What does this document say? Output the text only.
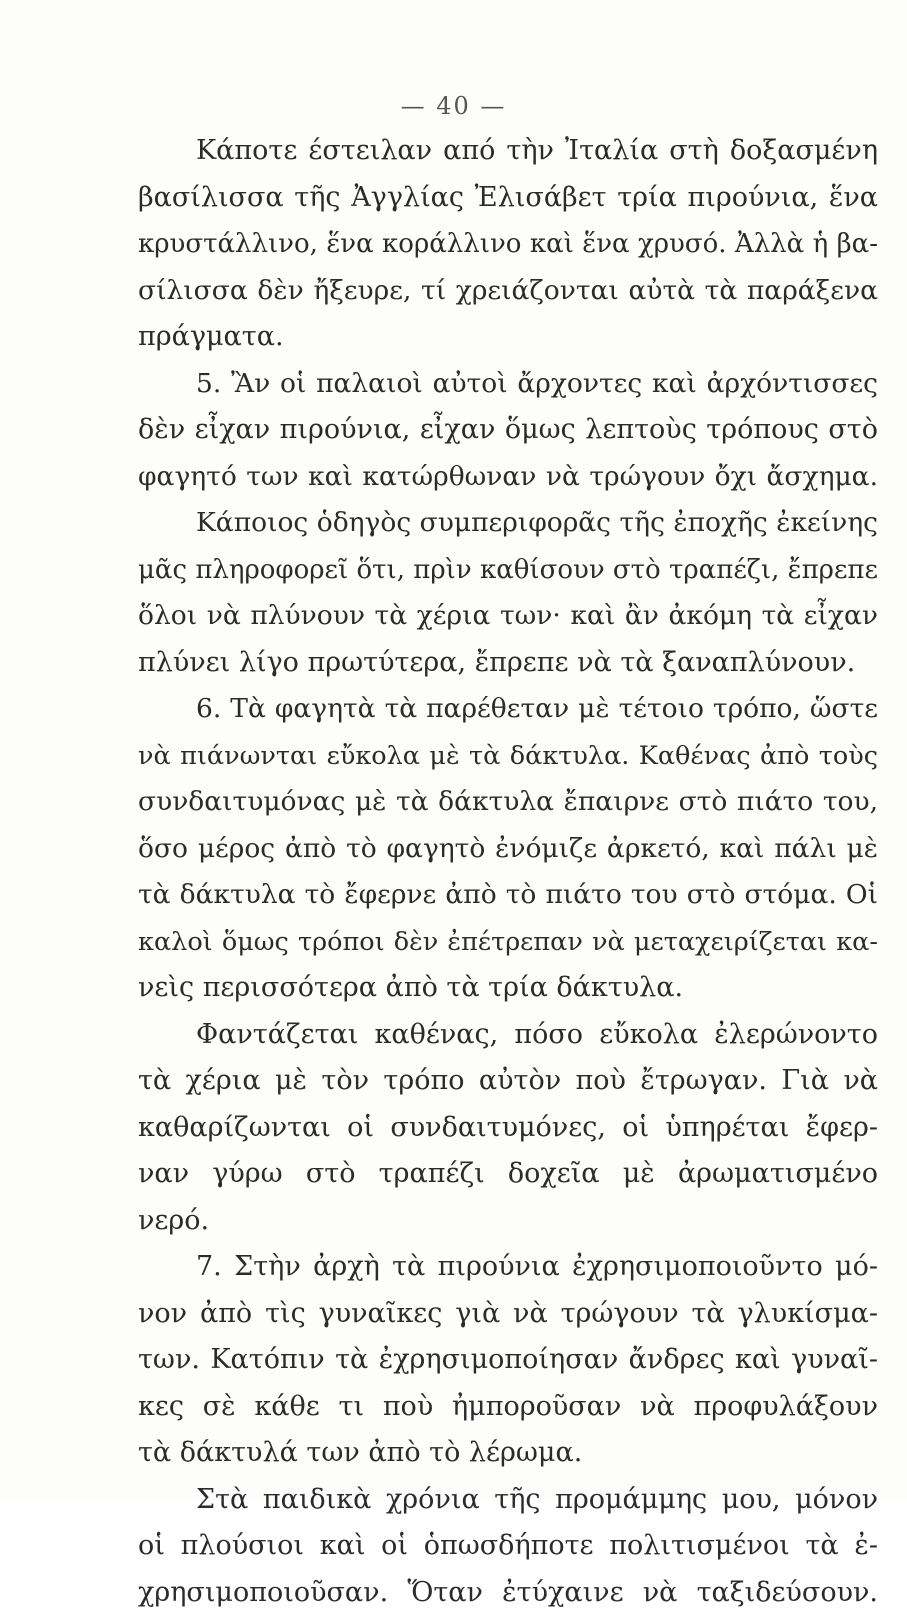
— 40 —
Κάποτε έστειλαν από τὴν Ἰταλία στὴ δοξασμένη
βασίλισσα τῆς Ἀγγλίας Ἐλισάβετ τρία πιρούνια, ἕνα
κρυστάλλινο, ἕνα κοράλλινο καὶ ἕνα χρυσό. Ἀλλὰ ἡ βα-
σίλισσα δὲν ἤξευρε, τί χρειάζονται αὐτὰ τὰ παράξενα
πράγματα.
5. Ἂν οἱ παλαιοὶ αὐτοὶ ἄρχοντες καὶ ἀρχόντισσες
δὲν εἶχαν πιρούνια, εἶχαν ὅμως λεπτοὺς τρόπους στὸ
φαγητό των καὶ κατώρθωναν νὰ τρώγουν ὄχι ἄσχημα.
Κάποιος ὁδηγὸς συμπεριφορᾶς τῆς ἐποχῆς ἐκείνης
μᾶς πληροφορεῖ ὅτι, πρὶν καθίσουν στὸ τραπέζι, ἔπρεπε
ὅλοι νὰ πλύνουν τὰ χέρια των· καὶ ἂν ἀκόμη τὰ εἶχαν
πλύνει λίγο πρωτύτερα, ἔπρεπε νὰ τὰ ξαναπλύνουν.
6. Τὰ φαγητὰ τὰ παρέθεταν μὲ τέτοιο τρόπο, ὥστε
νὰ πιάνωνται εὔκολα μὲ τὰ δάκτυλα. Καθένας ἀπὸ τοὺς
συνδαιτυμόνας μὲ τὰ δάκτυλα ἔπαιρνε στὸ πιάτο του,
ὅσο μέρος ἀπὸ τὸ φαγητὸ ἐνόμιζε ἀρκετό, καὶ πάλι μὲ
τὰ δάκτυλα τὸ ἔφερνε ἀπὸ τὸ πιάτο του στὸ στόμα. Οἱ
καλοὶ ὅμως τρόποι δὲν ἐπέτρεπαν νὰ μεταχειρίζεται κα-
νεὶς περισσότερα ἀπὸ τὰ τρία δάκτυλα.
Φαντάζεται καθένας, πόσο εὔκολα ἐλερώνοντο
τὰ χέρια μὲ τὸν τρόπο αὐτὸν ποὺ ἔτρωγαν. Γιὰ νὰ
καθαρίζωνται οἱ συνδαιτυμόνες, οἱ ὑπηρέται ἔφερ-
ναν γύρω στὸ τραπέζι δοχεῖα μὲ ἀρωματισμένο
νερό.
7. Στὴν ἀρχὴ τὰ πιρούνια ἐχρησιμοποιοῦντο μό-
νον ἀπὸ τὶς γυναῖκες γιὰ νὰ τρώγουν τὰ γλυκίσμα-
των. Κατόπιν τὰ ἐχρησιμοποίησαν ἄνδρες καὶ γυναῖ-
κες σὲ κάθε τι ποὺ ἠμποροῦσαν νὰ προφυλάξουν
τὰ δάκτυλά των ἀπὸ τὸ λέρωμα.
Στὰ παιδικὰ χρόνια τῆς προμάμμης μου, μόνον
οἱ πλούσιοι καὶ οἱ ὁπωσδήποτε πολιτισμένοι τὰ ἐ-
χρησιμοποιοῦσαν. Ὅταν ἐτύχαινε νὰ ταξιδεύσουν.
